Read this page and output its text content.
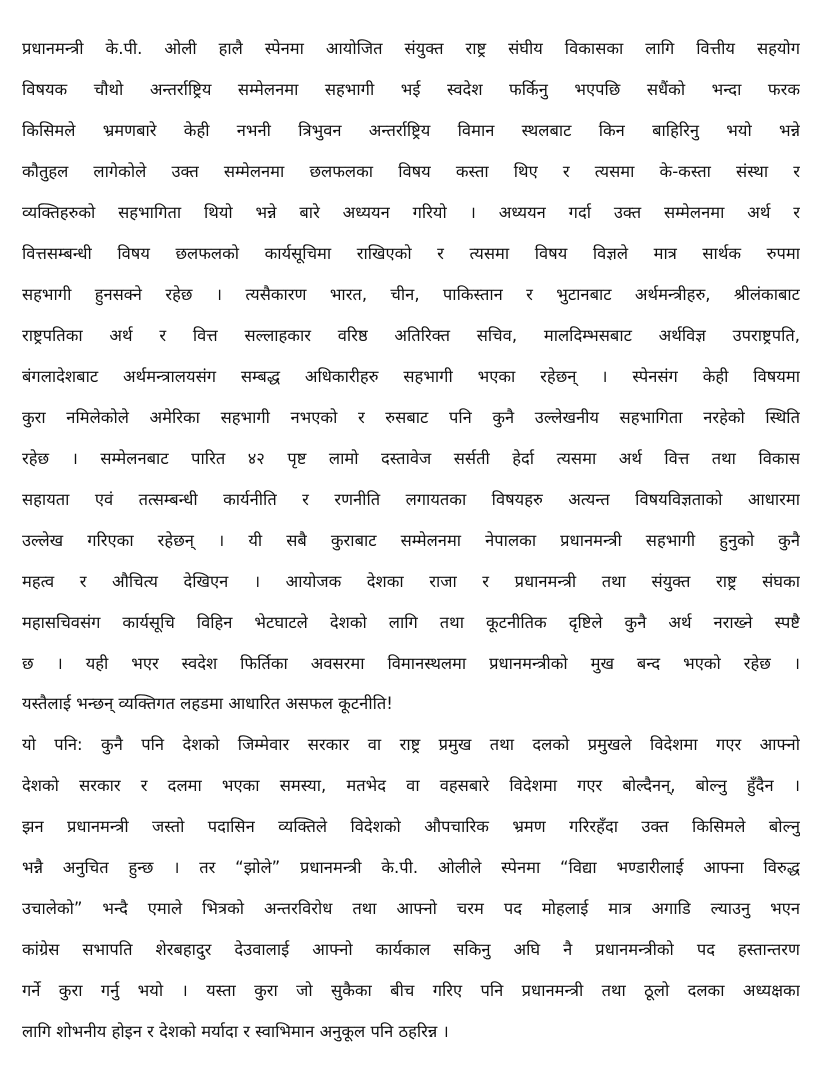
प्रधानमन्त्री के.पी. ओली हालै स्पेनमा आयोजित संयुक्त राष्ट्र संघीय विकासका लागि वित्तीय सहयोग

विषयक चौथो अन्तर्राष्ट्रिय सम्मेलनमा सहभागी भई स्वदेश फर्किनु भएपछि सधैंको भन्दा फरक

किसिमले भ्रमणबारे केही नभनी त्रिभुवन अन्तर्राष्ट्रिय विमान स्थलबाट किन बाहिरिनु भयो भन्ने

कौतुहल लागेकोले उक्त सम्मेलनमा छलफलका विषय कस्ता थिए र त्यसमा के-कस्ता संस्था र

व्यक्तिहरुको सहभागिता थियो भन्ने बारे अध्ययन गरियो । अध्ययन गर्दा उक्त सम्मेलनमा अर्थ र

वित्तसम्बन्धी विषय छलफलको कार्यसूचिमा राखिएको र त्यसमा विषय विज्ञले मात्र सार्थक रुपमा

सहभागी हुनसक्ने रहेछ । त्यसैकारण भारत, चीन, पाकिस्तान र भुटानबाट अर्थमन्त्रीहरु, श्रीलंकाबाट

राष्ट्रपतिका अर्थ र वित्त सल्लाहकार वरिष्ठ अतिरिक्त सचिव, मालदिम्भसबाट अर्थविज्ञ उपराष्ट्रपति,

बंगलादेशबाट अर्थमन्त्रालयसंग सम्बद्ध अधिकारीहरु सहभागी भएका रहेछन् । स्पेनसंग केही विषयमा

कुरा नमिलेकोले अमेरिका सहभागी नभएको र रुसबाट पनि कुनै उल्लेखनीय सहभागिता नरहेको स्थिति

रहेछ । सम्मेलनबाट पारित ४२ पृष्ट लामो दस्तावेज सर्सती हेर्दा त्यसमा अर्थ वित्त तथा विकास

सहायता एवं तत्सम्बन्धी कार्यनीति र रणनीति लगायतका विषयहरु अत्यन्त विषयविज्ञताको आधारमा

उल्लेख गरिएका रहेछन् । यी सबै कुराबाट सम्मेलनमा नेपालका प्रधानमन्त्री सहभागी हुनुको कुनै

महत्व र औचित्य देखिएन । आयोजक देशका राजा र प्रधानमन्त्री तथा संयुक्त राष्ट्र संघका

महासचिवसंग कार्यसूचि विहिन भेटघाटले देशको लागि तथा कूटनीतिक दृष्टिले कुनै अर्थ नराख्ने स्पष्टै

छ । यही भएर स्वदेश फिर्तिका अवसरमा विमानस्थलमा प्रधानमन्त्रीको मुख बन्द भएको रहेछ ।

यस्तैलाई भन्छन् व्यक्तिगत लहडमा आधारित असफल कूटनीति!

यो पनि: कुनै पनि देशको जिम्मेवार सरकार वा राष्ट्र प्रमुख तथा दलको प्रमुखले विदेशमा गएर आफ्नो

देशको सरकार र दलमा भएका समस्या, मतभेद वा वहसबारे विदेशमा गएर बोल्दैनन्, बोल्नु हुँदैन ।

झन प्रधानमन्त्री जस्तो पदासिन व्यक्तिले विदेशको औपचारिक भ्रमण गरिरहँदा उक्त किसिमले बोल्नु

भन्नै अनुचित हुन्छ । तर “झोले” प्रधानमन्त्री के.पी. ओलीले स्पेनमा “विद्या भण्डारीलाई आफ्ना विरुद्ध

उचालेको” भन्दै एमाले भित्रको अन्तरविरोध तथा आफ्नो चरम पद मोहलाई मात्र अगाडि ल्याउनु भएन

कांग्रेस सभापति शेरबहादुर देउवालाई आफ्नो कार्यकाल सकिनु अघि नै प्रधानमन्त्रीको पद हस्तान्तरण

गर्ने कुरा गर्नु भयो । यस्ता कुरा जो सुकैका बीच गरिए पनि प्रधानमन्त्री तथा ठूलो दलका अध्यक्षका

लागि शोभनीय होइन र देशको मर्यादा र स्वाभिमान अनुकूल पनि ठहरिन्न ।
